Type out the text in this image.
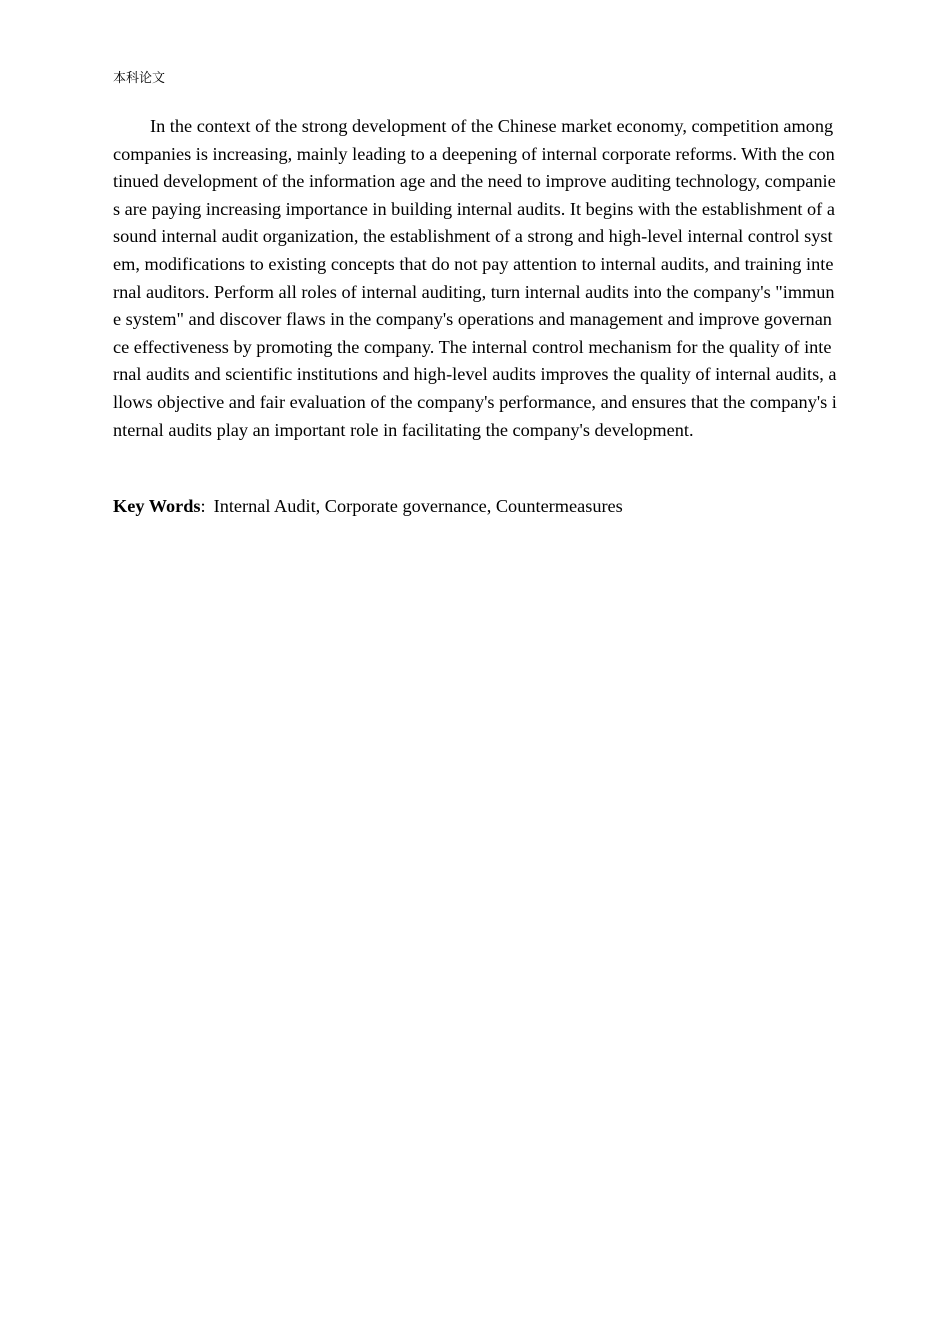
本科论文

In the context of the strong development of the Chinese market economy, competition among companies is increasing, mainly leading to a deepening of internal corporate reforms. With the continued development of the information age and the need to improve auditing technology, companies are paying increasing importance in building internal audits. It begins with the establishment of a sound internal audit organization, the establishment of a strong and high-level internal control system, modifications to existing concepts that do not pay attention to internal audits, and training internal auditors. Perform all roles of internal auditing, turn internal audits into the company's "immune system" and discover flaws in the company's operations and management and improve governance effectiveness by promoting the company. The internal control mechanism for the quality of internal audits and scientific institutions and high-level audits improves the quality of internal audits, allows objective and fair evaluation of the company's performance, and ensures that the company's internal audits play an important role in facilitating the company's development.

Key Words: Internal Audit, Corporate governance, Countermeasures
